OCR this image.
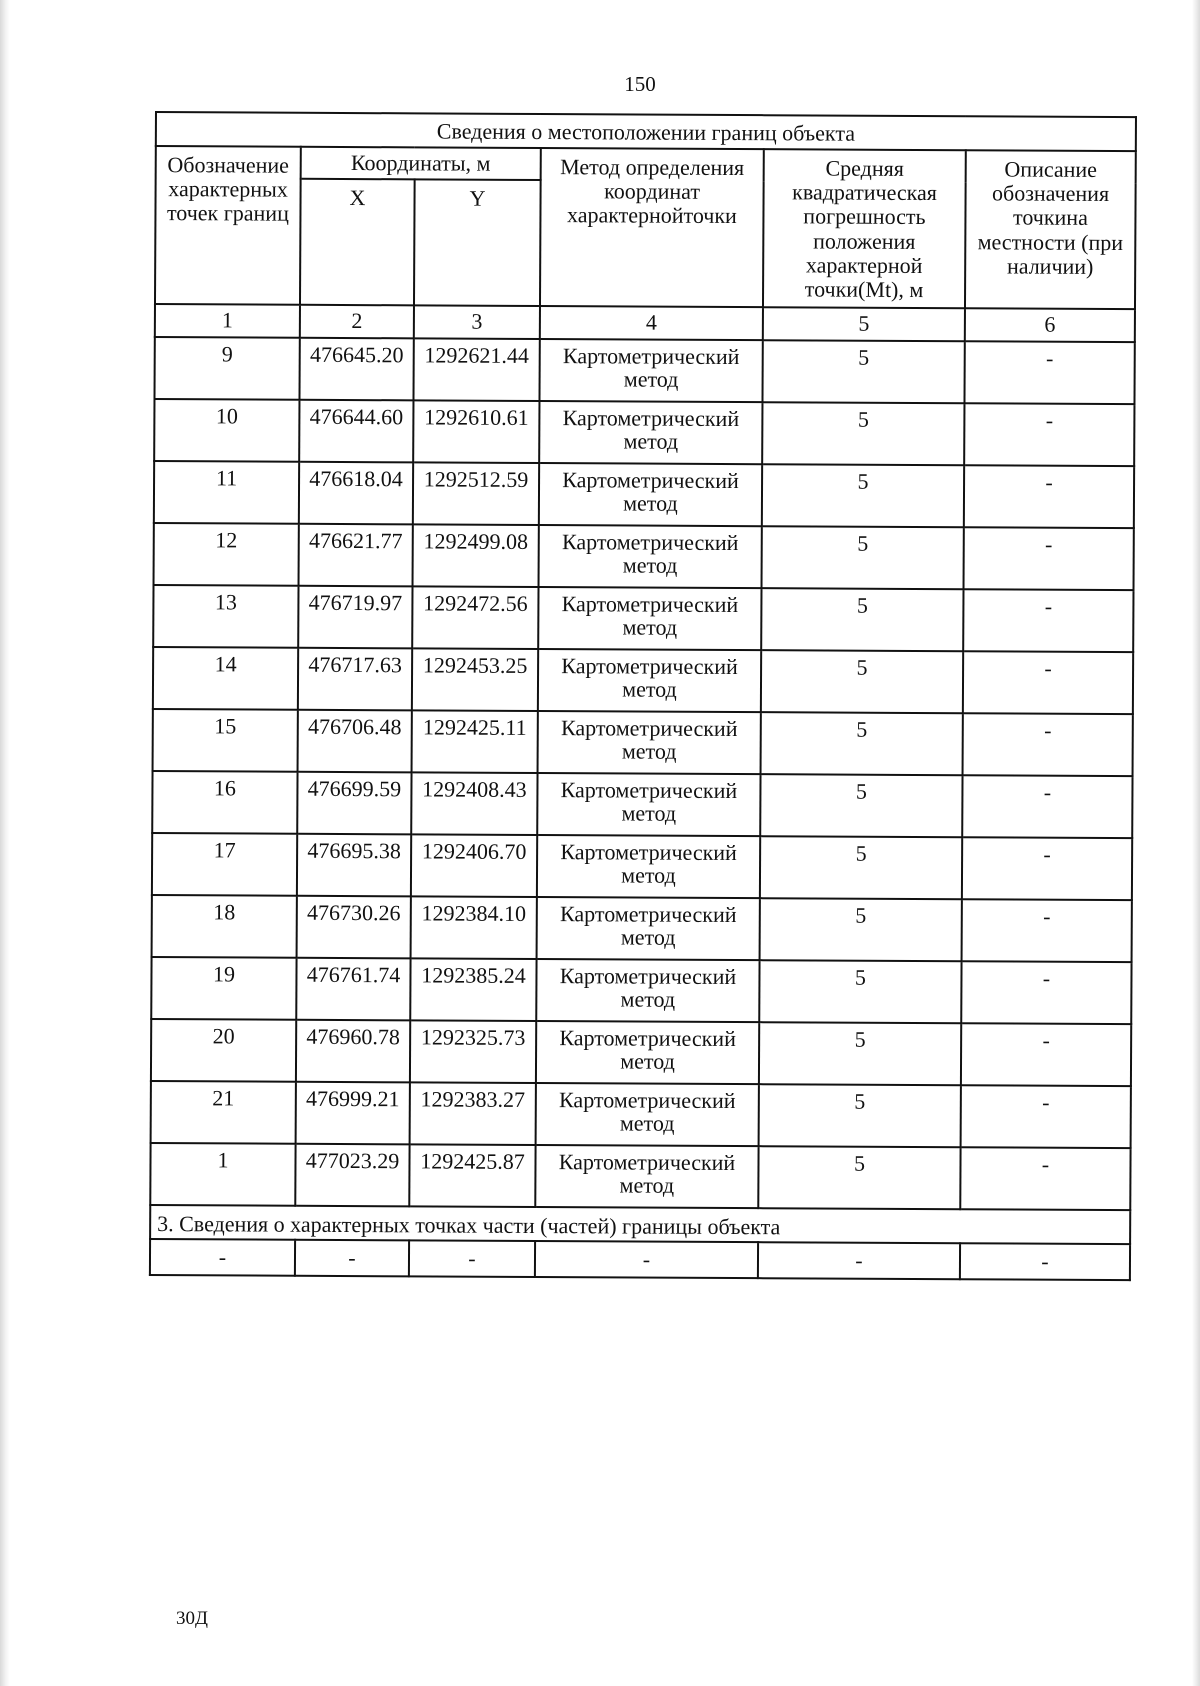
150
Сведения о местоположении границ объекта					
Обозначение характерных точек границ	Координаты, м		Метод определения координат характернойточки	Средняя квадратическая погрешность положения характерной точки(Mt), м	Описание обозначения точкина местности (при наличии)
	X	Y			
1	2	3	4	5	6
9	476645.20	1292621.44	Картометрический метод	5	-
10	476644.60	1292610.61	Картометрический метод	5	-
11	476618.04	1292512.59	Картометрический метод	5	-
12	476621.77	1292499.08	Картометрический метод	5	-
13	476719.97	1292472.56	Картометрический метод	5	-
14	476717.63	1292453.25	Картометрический метод	5	-
15	476706.48	1292425.11	Картометрический метод	5	-
16	476699.59	1292408.43	Картометрический метод	5	-
17	476695.38	1292406.70	Картометрический метод	5	-
18	476730.26	1292384.10	Картометрический метод	5	-
19	476761.74	1292385.24	Картометрический метод	5	-
20	476960.78	1292325.73	Картометрический метод	5	-
21	476999.21	1292383.27	Картометрический метод	5	-
1	477023.29	1292425.87	Картометрический метод	5	-
3. Сведения о характерных точках части (частей) границы объекта					
-	-	-	-	-	-
30Д
